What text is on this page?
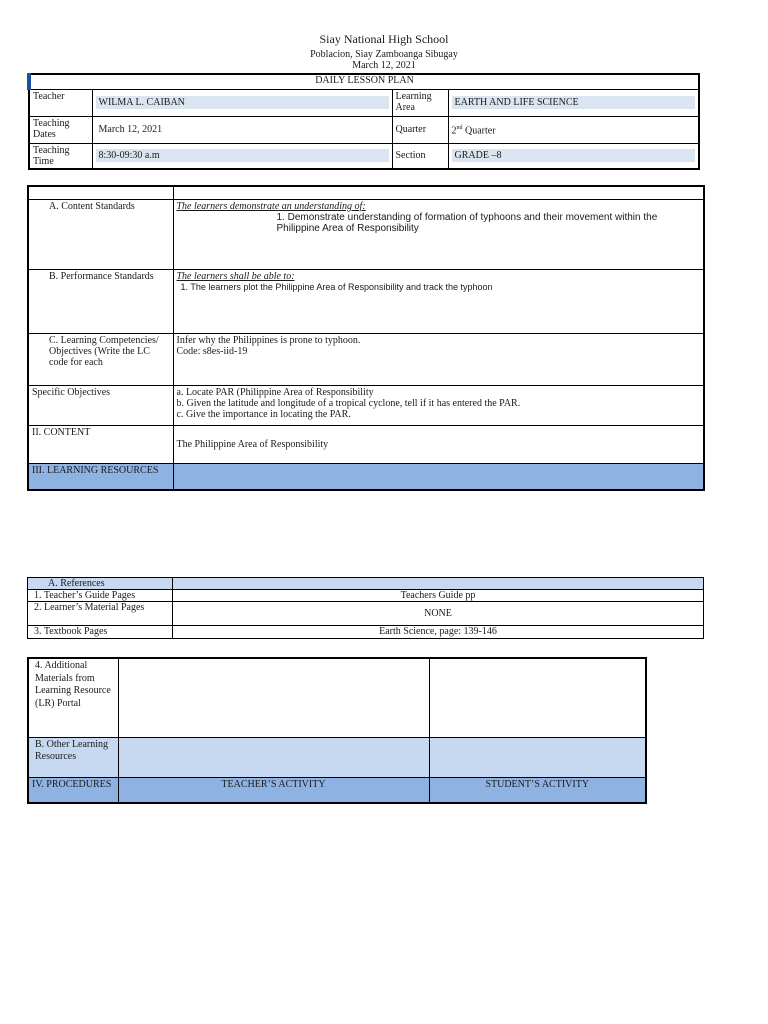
Siay National High School
Poblacion, Siay Zamboanga Sibugay
March 12, 2021
DAILY LESSON PLAN			
Teacher	WILMA L. CAIBAN	Learning Area	EARTH AND LIFE SCIENCE

Teaching Dates	March 12, 2021	Quarter	2nd Quarter
Teaching Time	8:30-09:30 a.m	Section	GRADE –8

A. Content Standards	The learners demonstrate an understanding of:
1. Demonstrate understanding of formation of typhoons and their movement within the Philippine Area of Responsibility

B. Performance Standards	The learners shall be able to:
1. The learners plot the Philippine Area of Responsibility and track the typhoon

C. Learning Competencies/ Objectives (Write the LC code for each	Infer why the Philippines is prone to typhoon.
Code: s8es-iid-19

Specific Objectives	a. Locate PAR (Philippine Area of Responsibility
b. Given the latitude and longitude of a tropical cyclone, tell if it has entered the PAR.
c. Give the importance in locating the PAR.

II. CONTENT	The Philippine Area of Responsibility
III. LEARNING RESOURCES	
A. References	
1. Teacher’s Guide Pages	Teachers Guide pp
2. Learner’s Material Pages	NONE
3. Textbook Pages	Earth Science, page: 139-146
4. Additional Materials from Learning Resource (LR) Portal		
B. Other Learning Resources		
IV. PROCEDURES	TEACHER’S ACTIVITY	STUDENT’S ACTIVITY
